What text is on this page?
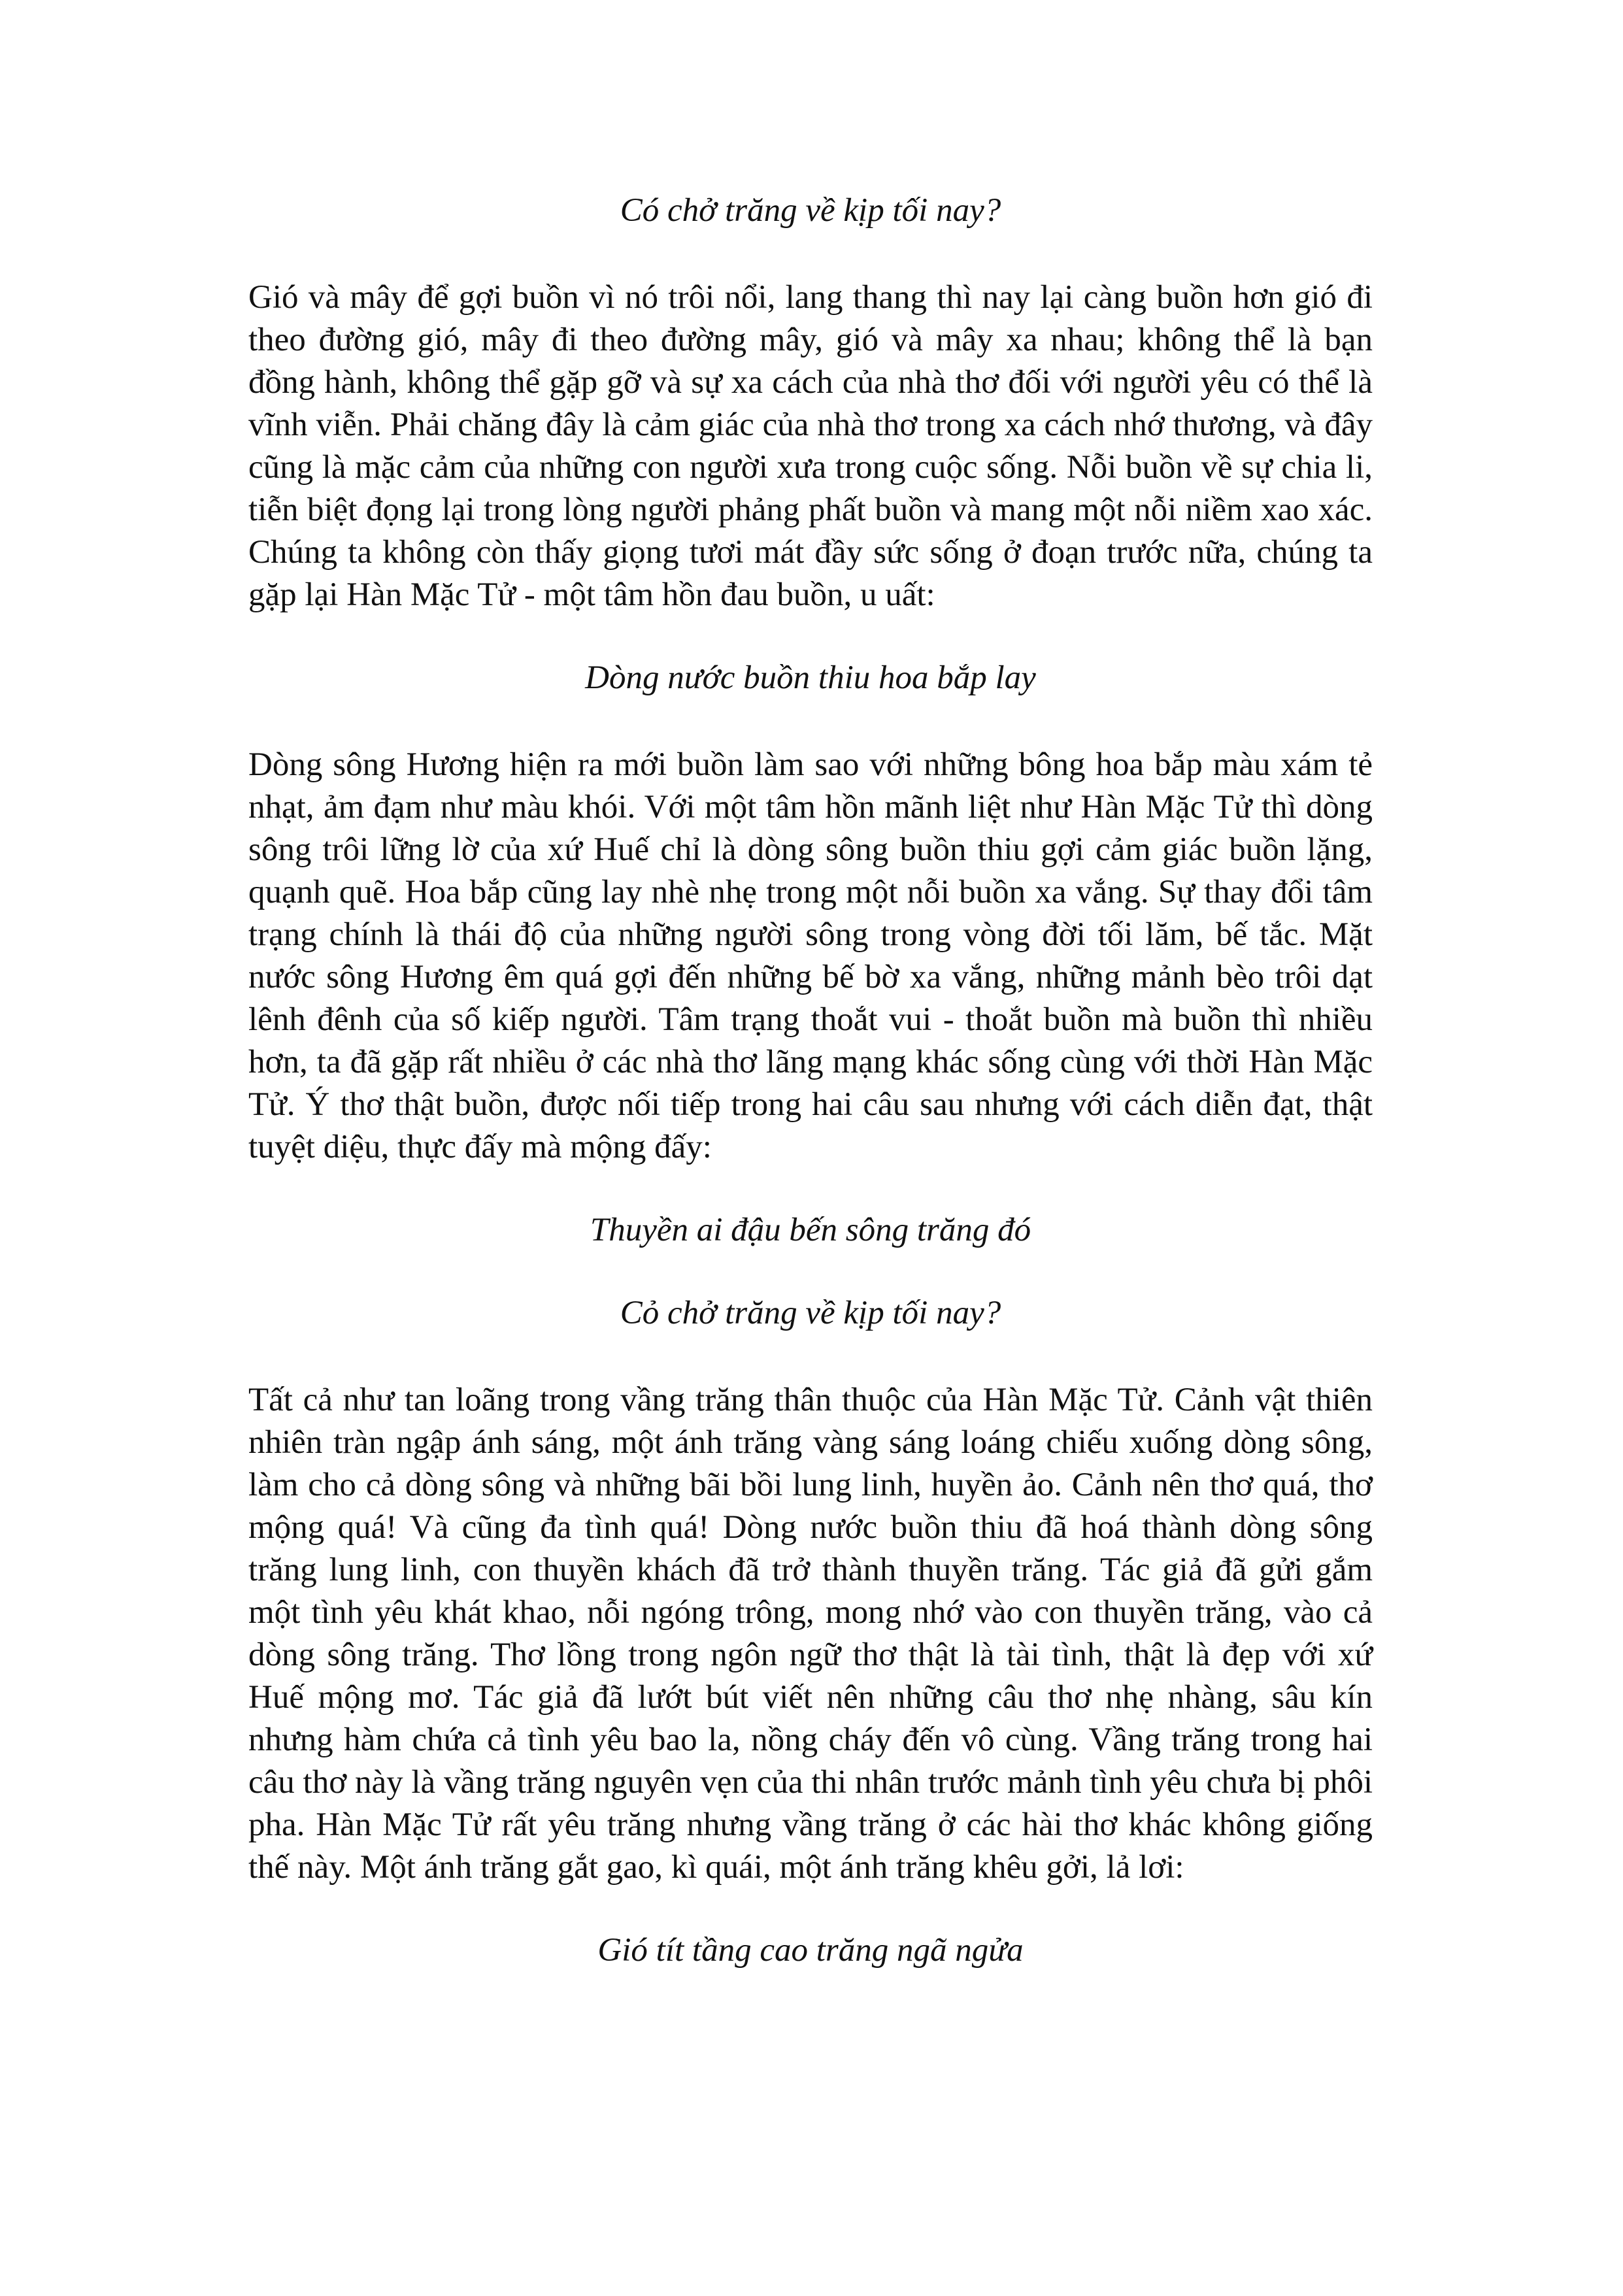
Có chở trăng về kịp tối nay?

Gió và mây để gợi buồn vì nó trôi nổi, lang thang thì nay lại càng buồn hơn gió đi theo đường gió, mây đi theo đường mây, gió và mây xa nhau; không thể là bạn đồng hành, không thể gặp gỡ và sự xa cách của nhà thơ đối với người yêu có thể là vĩnh viễn. Phải chăng đây là cảm giác của nhà thơ trong xa cách nhớ thương, và đây cũng là mặc cảm của những con người xưa trong cuộc sống. Nỗi buồn về sự chia li, tiễn biệt đọng lại trong lòng người phảng phất buồn và mang một nỗi niềm xao xác. Chúng ta không còn thấy giọng tươi mát đầy sức sống ở đoạn trước nữa, chúng ta gặp lại Hàn Mặc Tử - một tâm hồn đau buồn, u uất:

Dòng nước buồn thiu hoa bắp lay

Dòng sông Hương hiện ra mới buồn làm sao với những bông hoa bắp màu xám tẻ nhạt, ảm đạm như màu khói. Với một tâm hồn mãnh liệt như Hàn Mặc Tử thì dòng sông trôi lững lờ của xứ Huế chỉ là dòng sông buồn thiu gợi cảm giác buồn lặng, quạnh quẽ. Hoa bắp cũng lay nhè nhẹ trong một nỗi buồn xa vắng. Sự thay đổi tâm trạng chính là thái độ của những người sông trong vòng đời tối lăm, bế tắc. Mặt nước sông Hương êm quá gợi đến những bế bờ xa vắng, những mảnh bèo trôi dạt lênh đênh của số kiếp người. Tâm trạng thoắt vui - thoắt buồn mà buồn thì nhiều hơn, ta đã gặp rất nhiều ở các nhà thơ lãng mạng khác sống cùng với thời Hàn Mặc Tử. Ý thơ thật buồn, được nối tiếp trong hai câu sau nhưng với cách diễn đạt, thật tuyệt diệu, thực đấy mà mộng đấy:

Thuyền ai đậu bến sông trăng đó

Cỏ chở trăng về kịp tối nay?

Tất cả như tan loãng trong vầng trăng thân thuộc của Hàn Mặc Tử. Cảnh vật thiên nhiên tràn ngập ánh sáng, một ánh trăng vàng sáng loáng chiếu xuống dòng sông, làm cho cả dòng sông và những bãi bồi lung linh, huyền ảo. Cảnh nên thơ quá, thơ mộng quá! Và cũng đa tình quá! Dòng nước buồn thiu đã hoá thành dòng sông trăng lung linh, con thuyền khách đã trở thành thuyền trăng. Tác giả đã gửi gắm một tình yêu khát khao, nỗi ngóng trông, mong nhớ vào con thuyền trăng, vào cả dòng sông trăng. Thơ lồng trong ngôn ngữ thơ thật là tài tình, thật là đẹp với xứ Huế mộng mơ. Tác giả đã lướt bút viết nên những câu thơ nhẹ nhàng, sâu kín nhưng hàm chứa cả tình yêu bao la, nồng cháy đến vô cùng. Vầng trăng trong hai câu thơ này là vầng trăng nguyên vẹn của thi nhân trước mảnh tình yêu chưa bị phôi pha. Hàn Mặc Tử rất yêu trăng nhưng vầng trăng ở các hài thơ khác không giống thế này. Một ánh trăng gắt gao, kì quái, một ánh trăng khêu gởi, lả lơi:

Gió tít tầng cao trăng ngã ngửa
